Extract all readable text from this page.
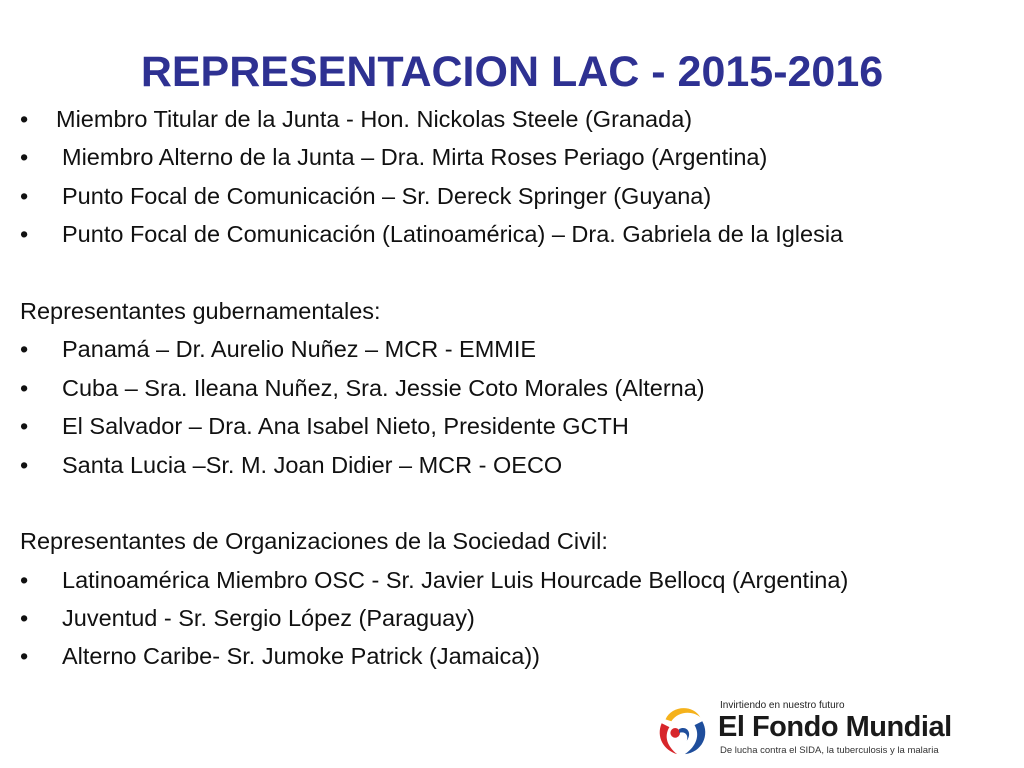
REPRESENTACION LAC - 2015-2016
•	Miembro Titular de la Junta - Hon. Nickolas Steele (Granada)
•	Miembro Alterno de la Junta – Dra. Mirta Roses Periago (Argentina)
•	Punto Focal de Comunicación – Sr. Dereck Springer (Guyana)
•	Punto Focal de Comunicación (Latinoamérica) – Dra. Gabriela de la Iglesia
Representantes gubernamentales:
•	Panamá – Dr. Aurelio Nuñez – MCR - EMMIE
•	Cuba – Sra. Ileana Nuñez, Sra. Jessie Coto Morales (Alterna)
•	El Salvador – Dra. Ana Isabel Nieto, Presidente GCTH
•	Santa Lucia –Sr. M. Joan Didier – MCR - OECO
Representantes de Organizaciones de la Sociedad Civil:
•	Latinoamérica Miembro OSC - Sr. Javier Luis Hourcade Bellocq (Argentina)
•	Juventud - Sr. Sergio López (Paraguay)
•	Alterno Caribe- Sr. Jumoke Patrick (Jamaica))
Invirtiendo en nuestro futuro
El Fondo Mundial
De lucha contra el SIDA, la tuberculosis y la malaria
